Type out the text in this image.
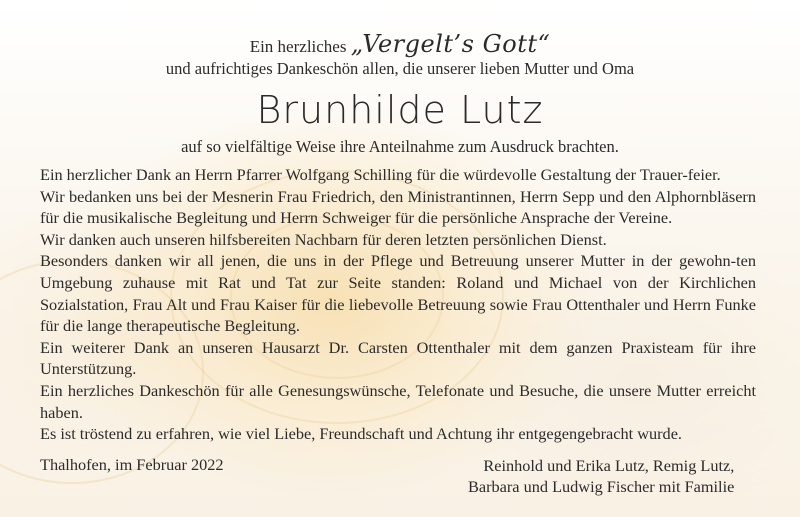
Ein herzliches „Vergelt’s Gott“
und aufrichtiges Dankeschön allen, die unserer lieben Mutter und Oma
Brunhilde Lutz
auf so vielfältige Weise ihre Anteilnahme zum Ausdruck brachten.

Ein herzlicher Dank an Herrn Pfarrer Wolfgang Schilling für die würdevolle Gestaltung der Trauer-feier.

Wir bedanken uns bei der Mesnerin Frau Friedrich, den Ministrantinnen, Herrn Sepp und den Alphornbläsern für die musikalische Begleitung und Herrn Schweiger für die persönliche Ansprache der Vereine.

Wir danken auch unseren hilfsbereiten Nachbarn für deren letzten persönlichen Dienst.

Besonders danken wir all jenen, die uns in der Pflege und Betreuung unserer Mutter in der gewohn-ten Umgebung zuhause mit Rat und Tat zur Seite standen: Roland und Michael von der Kirchlichen Sozialstation, Frau Alt und Frau Kaiser für die liebevolle Betreuung sowie Frau Ottenthaler und Herrn Funke für die lange therapeutische Begleitung.

Ein weiterer Dank an unseren Hausarzt Dr. Carsten Ottenthaler mit dem ganzen Praxisteam für ihre Unterstützung.

Ein herzliches Dankeschön für alle Genesungswünsche, Telefonate und Besuche, die unsere Mutter erreicht haben.

Es ist tröstend zu erfahren, wie viel Liebe, Freundschaft und Achtung ihr entgegengebracht wurde.

Thalhofen, im Februar 2022	Reinhold und Erika Lutz, Remig Lutz,
Barbara und Ludwig Fischer mit Familie
